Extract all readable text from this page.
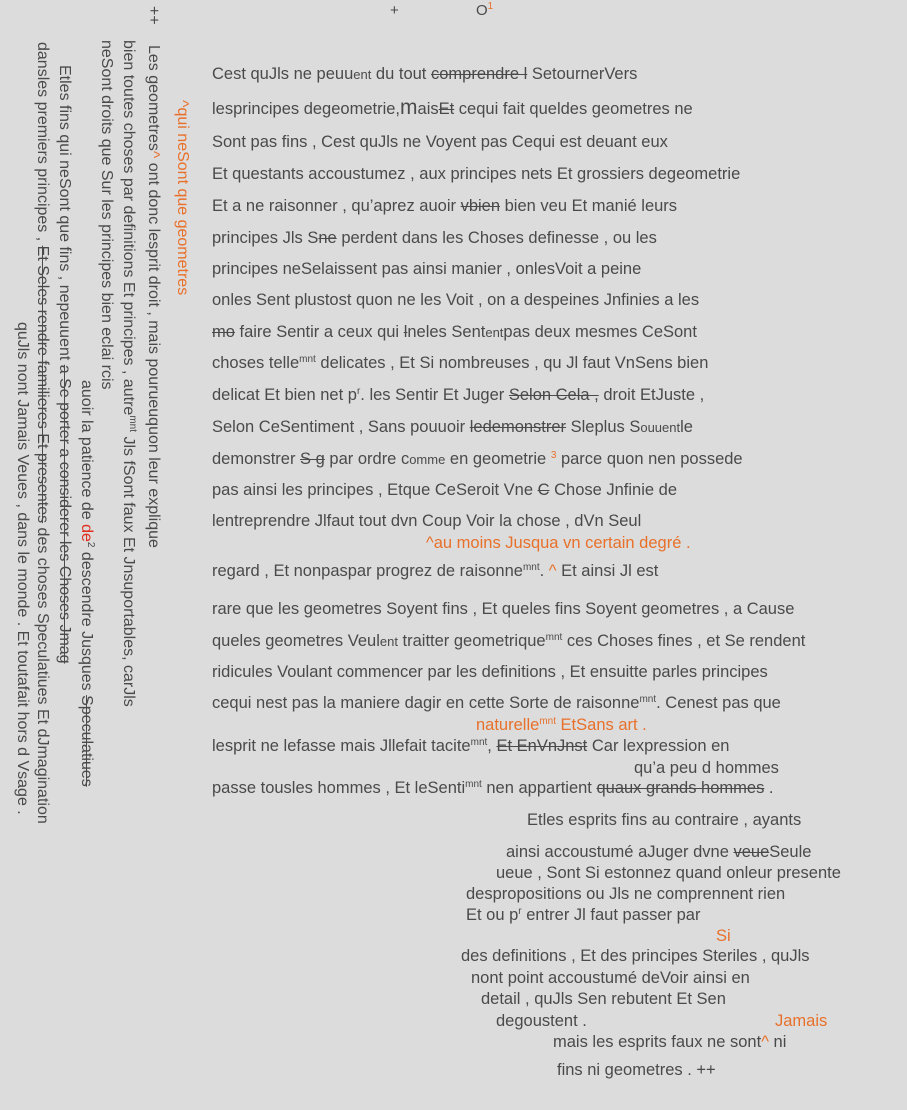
+	$O^1$
++
^qui neSont que geometres
Les geometres^ ont donc lesprit droit , mais pourueuquon leur explique
bien toutes choses par definitions Et principes , autre$^{mnt}$ Jls fSont faux Et Jnsuportables, carJls
neSont droits que Sur les principes bien eclai rcis
auoir la patience de $de^2$ descendre Jusques Speculatiues
Etles fins qui neSont que fins , nepeuuent a Se porter a considerer les Choses Jmag
dansles premiers principes , Et Seles rendre familieres Et presentes des choses Speculatiues Et dJmagination
quJls nont Jamais Veues , dans le monde . Et toutafait hors d Vsage .
Cest quJls ne peuuent du tout comprendre l SetournerVers
lesprincipes degeometrie,maisEt cequi fait queldes geometres ne
Sont pas fins , Cest quJls ne Voyent pas Cequi est deuant eux
Et questants accoustumez , aux principes nets Et grossiers degeometrie
Et a ne raisonner , qu’aprez auoir vbien bien veu Et manié leurs
principes Jls Sne perdent dans les Choses definesse , ou les
principes neSelaissent pas ainsi manier , onlesVoit a peine
onles Sent plustost quon ne les Voit , on a despeines Jnfinies a les
mo faire Sentir a ceux qui lneles Sententpas deux mesmes CeSont
choses telle$^{mnt}$ delicates , Et Si nombreuses , qu Jl faut VnSens bien
delicat Et bien net $p^r$. les Sentir Et Juger Selon Cela , droit EtJuste ,
Selon CeSentiment , Sans pouuoir ledemonstrer Sleplus Souuentle
demonstrer S g par ordre comme en geometrie $^3$ parce quon nen possede
pas ainsi les principes , Etque CeSeroit Vne C Chose Jnfinie de
lentreprendre Jlfaut tout dvn Coup Voir la chose , dVn Seul
^au moins Jusqua vn certain degré .
regard , Et nonpaspar progrez de raisonne$^{mnt}$. ^ Et ainsi Jl est
rare que les geometres Soyent fins , Et queles fins Soyent geometres , a Cause
queles geometres Veulent traitter geometrique$^{mnt}$ ces Choses fines , et Se rendent
ridicules Voulant commencer par les definitions , Et ensuitte parles principes
cequi nest pas la maniere dagir en cette Sorte de raisonne$^{mnt}$. Cenest pas que
naturelle$^{mnt}$ EtSans art .
lesprit ne lefasse mais Jllefait tacite$^{mnt}$, Et EnVnJnst Car lexpression en
qu’a peu d hommes
passe tousles hommes , Et leSenti$^{mnt}$ nen appartient quaux grands hommes .
Etles esprits fins au contraire , ayants
ainsi accoustumé aJuger dvne veueSeule
ueue , Sont Si estonnez quand onleur presente
despropositions ou Jls ne comprennent rien
Et ou $p^r$ entrer Jl faut passer par
Si
des definitions , Et des principes Steriles , quJls
nont point accoustumé deVoir ainsi en
detail , quJls Sen rebutent Et Sen
degoustent .	Jamais
mais les esprits faux ne sont^ ni
fins ni geometres . ++
